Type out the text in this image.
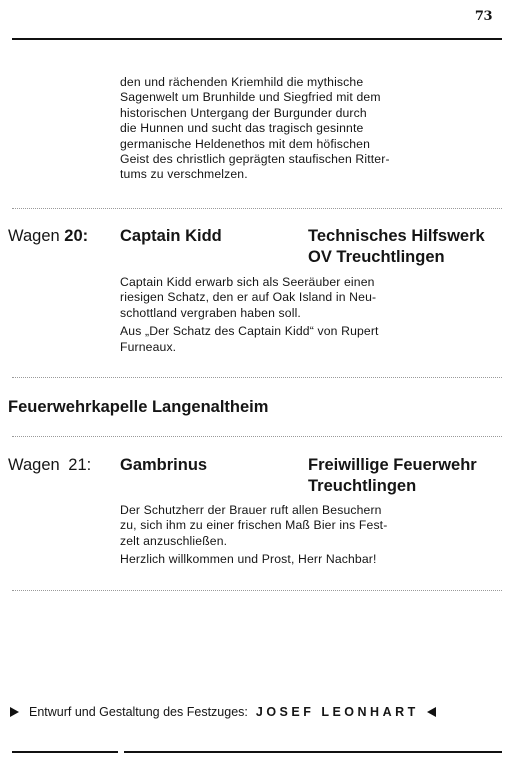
73

den und rächenden Kriemhild die mythische

Sagenwelt um Brunhilde und Siegfried mit dem

historischen Untergang der Burgunder durch

die Hunnen und sucht das tragisch gesinnte

germanische Heldenethos mit dem höfischen

Geist des christlich geprägten staufischen Ritter-

tums zu verschmelzen.

Wagen 20: Captain Kidd	Technisches Hilfswerk
OV Treuchtlingen

Captain Kidd erwarb sich als Seeräuber einen

riesigen Schatz, den er auf Oak Island in Neu-

schottland vergraben haben soll.

Aus „Der Schatz des Captain Kidd“ von Rupert

Furneaux.

Feuerwehrkapelle Langenaltheim
Wagen 21: Gambrinus	Freiwillige Feuerwehr
Treuchtlingen

Der Schutzherr der Brauer ruft allen Besuchern

zu, sich ihm zu einer frischen Maß Bier ins Fest-

zelt anzuschließen.

Herzlich willkommen und Prost, Herr Nachbar!

Entwurf und Gestaltung des Festzuges: JOSEF LEONHART
